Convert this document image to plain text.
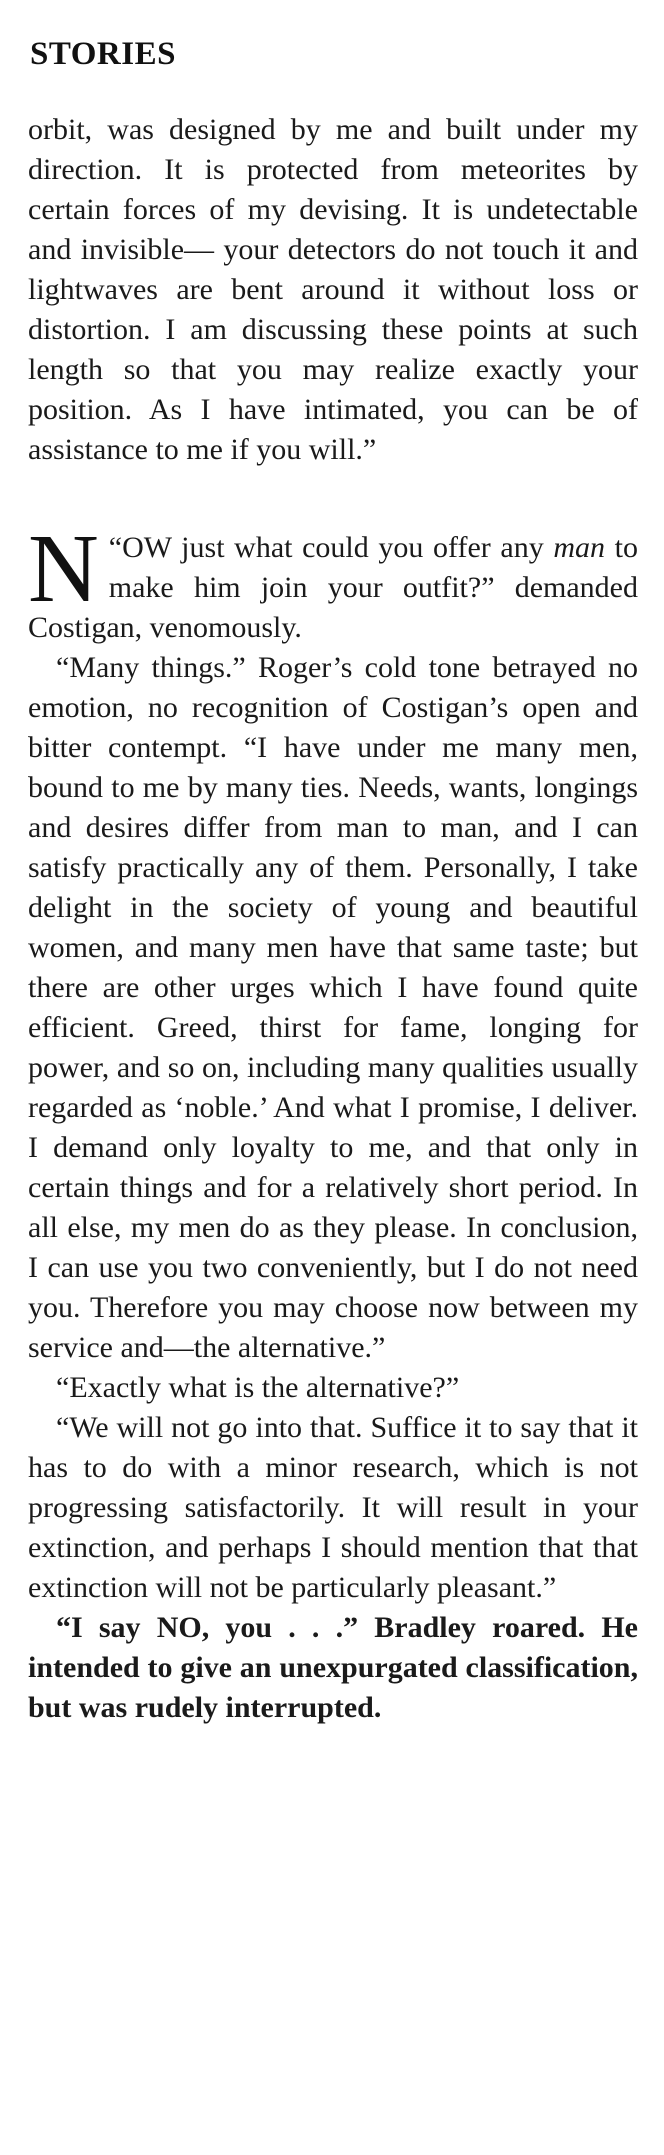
STORIES

orbit, was designed by me and built under my direction. It is protected from meteorites by certain forces of my devising. It is undetectable and invisible— your detectors do not touch it and lightwaves are bent around it without loss or distortion. I am discussing these points at such length so that you may realize exactly your position. As I have intimated, you can be of assistance to me if you will.”

“
N OW just what could you offer any man to make him join your outfit?” demanded Costigan, venomously.

“Many things.” Roger’s cold tone betrayed no emotion, no recognition of Costigan’s open and bitter contempt. “I have under me many men, bound to me by many ties. Needs, wants, longings and desires differ from man to man, and I can satisfy practically any of them. Personally, I take delight in the society of young and beautiful women, and many men have that same taste; but there are other urges which I have found quite efficient. Greed, thirst for fame, longing for power, and so on, including many qualities usually regarded as ‘noble.’ And what I promise, I deliver. I demand only loyalty to me, and that only in certain things and for a relatively short period. In all else, my men do as they please. In conclusion, I can use you two conveniently, but I do not need you. Therefore you may choose now between my service and—the alternative.”

“Exactly what is the alternative?”

“We will not go into that. Suffice it to say that it has to do with a minor research, which is not progressing satisfactorily. It will result in your extinction, and perhaps I should mention that that extinction will not be particularly pleasant.”

“I say NO, you . . .” Bradley roared. He intended to give an unexpurgated classification, but was rudely interrupted.
